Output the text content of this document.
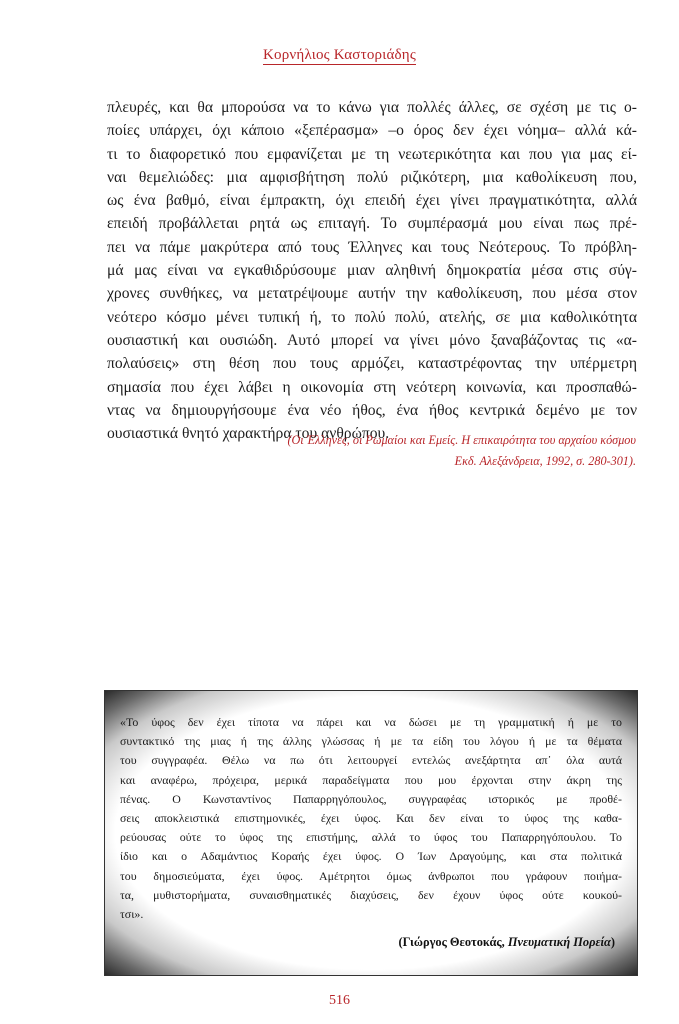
Κορνήλιος Καστοριάδης
πλευρές, και θα μπορούσα να το κάνω για πολλές άλλες, σε σχέση με τις ο-
ποίες υπάρχει, όχι κάποιο «ξεπέρασμα» –ο όρος δεν έχει νόημα– αλλά κά-
τι το διαφορετικό που εμφανίζεται με τη νεωτερικότητα και που για μας εί-
ναι θεμελιώδες: μια αμφισβήτηση πολύ ριζικότερη, μια καθολίκευση που,
ως ένα βαθμό, είναι έμπρακτη, όχι επειδή έχει γίνει πραγματικότητα, αλλά
επειδή προβάλλεται ρητά ως επιταγή. Το συμπέρασμά μου είναι πως πρέ-
πει να πάμε μακρύτερα από τους Έλληνες και τους Νεότερους. Το πρόβλη-
μά μας είναι να εγκαθιδρύσουμε μιαν αληθινή δημοκρατία μέσα στις σύγ-
χρονες συνθήκες, να μετατρέψουμε αυτήν την καθολίκευση, που μέσα στον
νεότερο κόσμο μένει τυπική ή, το πολύ πολύ, ατελής, σε μια καθολικότητα
ουσιαστική και ουσιώδη. Αυτό μπορεί να γίνει μόνο ξαναβάζοντας τις «α-
πολαύσεις» στη θέση που τους αρμόζει, καταστρέφοντας την υπέρμετρη
σημασία που έχει λάβει η οικονομία στη νεότερη κοινωνία, και προσπαθώ-
ντας να δημιουργήσουμε ένα νέο ήθος, ένα ήθος κεντρικά δεμένο με τον
ουσιαστικά θνητό χαρακτήρα του ανθρώπου.
(Οι Έλληνες, οι Ρωμαίοι και Εμείς. Η επικαιρότητα του αρχαίου κόσμου
Εκδ. Αλεξάνδρεια, 1992, σ. 280-301).
«Το ύφος δεν έχει τίποτα να πάρει και να δώσει με τη γραμματική ή με το
συντακτικό της μιας ή της άλλης γλώσσας ή με τα είδη του λόγου ή με τα θέματα
του συγγραφέα. Θέλω να πω ότι λειτουργεί εντελώς ανεξάρτητα απ᾽ όλα αυτά
και αναφέρω, πρόχειρα, μερικά παραδείγματα που μου έρχονται στην άκρη της
πένας. Ο Κωνσταντίνος Παπαρρηγόπουλος, συγγραφέας ιστορικός με προθέ-
σεις αποκλειστικά επιστημονικές, έχει ύφος. Και δεν είναι το ύφος της καθα-
ρεύουσας ούτε το ύφος της επιστήμης, αλλά το ύφος του Παπαρρηγόπουλου. Το
ίδιο και ο Αδαμάντιος Κοραής έχει ύφος. Ο Ίων Δραγούμης, και στα πολιτικά
του δημοσιεύματα, έχει ύφος. Αμέτρητοι όμως άνθρωποι που γράφουν ποιήμα-
τα, μυθιστορήματα, συναισθηματικές διαχύσεις, δεν έχουν ύφος ούτε κουκού-
τσι».
(Γιώργος Θεοτοκάς, Πνευματική Πορεία)
516
